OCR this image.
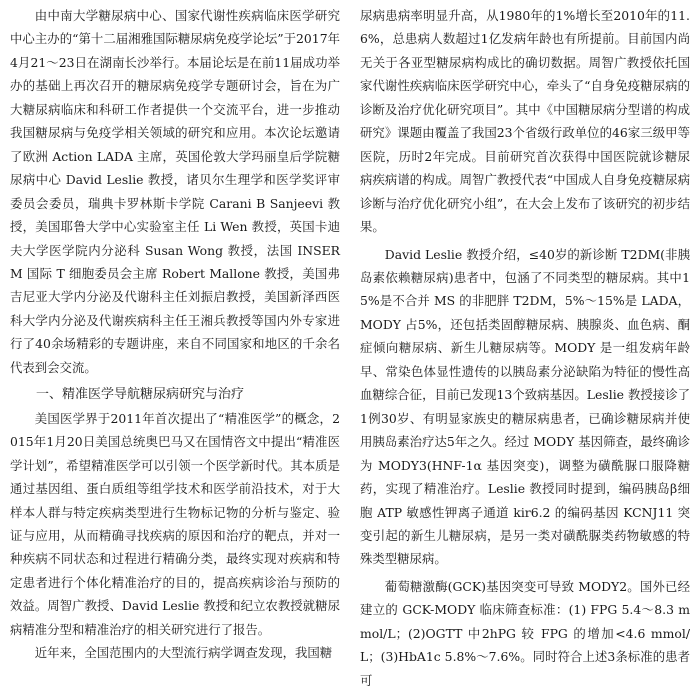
由中南大学糖尿病中心、国家代谢性疾病临床医学研究中心主办的“第十二届湘雅国际糖尿病免疫学论坛”于2017年4月21～23日在湖南长沙举行。本届论坛是在前11届成功举办的基础上再次召开的糖尿病免疫学专题研讨会，旨在为广大糖尿病临床和科研工作者提供一个交流平台，进一步推动我国糖尿病与免疫学相关领域的研究和应用。本次论坛邀请了欧洲 Action LADA 主席，英国伦敦大学玛丽皇后学院糖尿病中心 David Leslie 教授，诸贝尔生理学和医学奖评审委员会委员，瑞典卡罗林斯卡学院 Carani B Sanjeevi 教授，美国耶鲁大学中心实验室主任 Li Wen 教授，英国卡迪夫大学医学院内分泌科 Susan Wong 教授，法国 INSERM 国际 T 细胞委员会主席 Robert Mallone 教授，美国弗吉尼亚大学内分泌及代谢科主任刘振启教授，美国新泽西医科大学内分泌及代谢疾病科主任王湘兵教授等国内外专家进行了40余场精彩的专题讲座，来自不同国家和地区的千余名代表到会交流。

一、精准医学导航糖尿病研究与治疗

美国医学界于2011年首次提出了“精准医学”的概念，2015年1月20日美国总统奥巴马又在国情咨文中提出“精准医学计划”，希望精准医学可以引领一个医学新时代。其本质是通过基因组、蛋白质组等组学技术和医学前沿技术，对于大样本人群与特定疾病类型进行生物标记物的分析与鉴定、验证与应用，从而精确寻找疾病的原因和治疗的靶点，并对一种疾病不同状态和过程进行精确分类，最终实现对疾病和特定患者进行个体化精准治疗的目的，提高疾病诊治与预防的效益。周智广教授、David Leslie 教授和纪立农教授就糖尿病精准分型和精准治疗的相关研究进行了报告。

近年来，全国范围内的大型流行病学调查发现，我国糖

尿病患病率明显升高，从1980年的1%增长至2010年的11.6%，总患病人数超过1亿发病年龄也有所提前。目前国内尚无关于各亚型糖尿病构成比的确切数据。周智广教授依托国家代谢性疾病临床医学研究中心，牵头了“自身免疫糖尿病的诊断及治疗优化研究项目”。其中《中国糖尿病分型谱的构成研究》课题由覆盖了我国23个省级行政单位的46家三级甲等医院，历时2年完成。目前研究首次获得中国医院就诊糖尿病疾病谱的构成。周智广教授代表“中国成人自身免疫糖尿病诊断与治疗优化研究小组”，在大会上发布了该研究的初步结果。

David Leslie 教授介绍，≤40岁的新诊断 T2DM(非胰岛素依赖糖尿病)患者中，包涵了不同类型的糖尿病。其中15%是不合并 MS 的非肥胖 T2DM，5%～15%是 LADA，MODY 占5%，还包括类固醇糖尿病、胰腺炎、血色病、酮症倾向糖尿病、新生儿糖尿病等。MODY 是一组发病年龄早、常染色体显性遗传的以胰岛素分泌缺陷为特征的慢性高血糖综合征，目前已发现13个致病基因。Leslie 教授接诊了1例30岁、有明显家族史的糖尿病患者，已确诊糖尿病并使用胰岛素治疗达5年之久。经过 MODY 基因筛查，最终确诊为 MODY3(HNF-1α 基因突变)，调整为磺酰脲口服降糖药，实现了精准治疗。Leslie 教授同时提到，编码胰岛β细胞 ATP 敏感性钾离子通道 kir6.2 的编码基因 KCNJ11 突变引起的新生儿糖尿病，是另一类对磺酰脲类药物敏感的特殊类型糖尿病。

葡萄糖激酶(GCK)基因突变可导致 MODY2。国外已经建立的 GCK-MODY 临床筛查标准：(1) FPG 5.4～8.3 mmol/L；(2)OGTT 中2hPG 较 FPG 的增加<4.6 mmol/L；(3)HbA1c 5.8%～7.6%。同时符合上述3条标准的患者可
